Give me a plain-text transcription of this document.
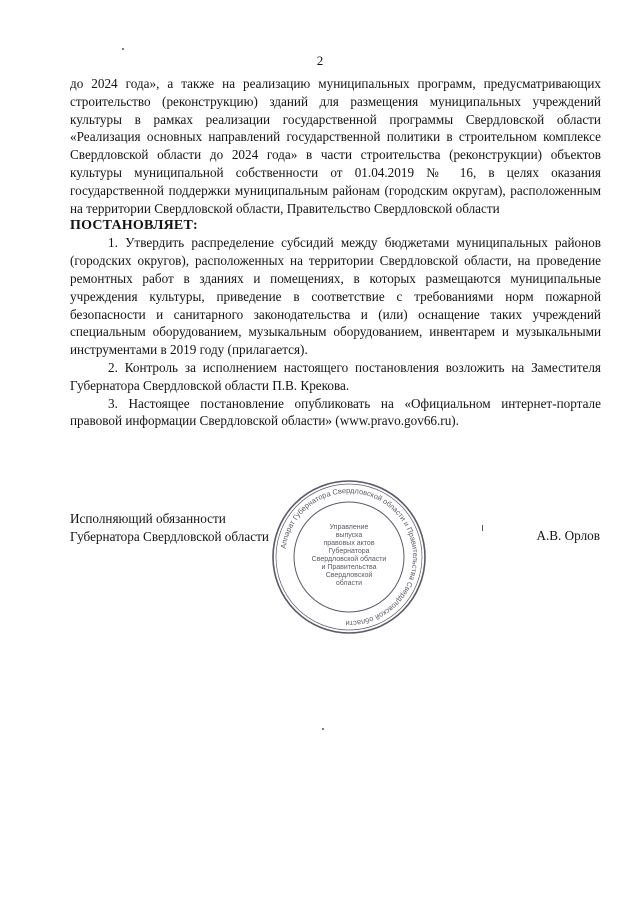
2

до 2024 года», а также на реализацию муниципальных программ, предусматривающих строительство (реконструкцию) зданий для размещения муниципальных учреждений культуры в рамках реализации государственной программы Свердловской области «Реализация основных направлений государственной политики в строительном комплексе Свердловской области до 2024 года» в части строительства (реконструкции) объектов культуры муниципальной собственности от 01.04.2019 № 16, в целях оказания государственной поддержки муниципальным районам (городским округам), расположенным на территории Свердловской области, Правительство Свердловской области

ПОСТАНОВЛЯЕТ:

1. Утвердить распределение субсидий между бюджетами муниципальных районов (городских округов), расположенных на территории Свердловской области, на проведение ремонтных работ в зданиях и помещениях, в которых размещаются муниципальные учреждения культуры, приведение в соответствие с требованиями норм пожарной безопасности и санитарного законодательства и (или) оснащение таких учреждений специальным оборудованием, музыкальным оборудованием, инвентарем и музыкальными инструментами в 2019 году (прилагается).

2. Контроль за исполнением настоящего постановления возложить на Заместителя Губернатора Свердловской области П.В. Крекова.

3. Настоящее постановление опубликовать на «Официальном интернет-портале правовой информации Свердловской области» (www.pravo.gov66.ru).

Исполняющий обязанности
Губернатора Свердловской области	А.В. Орлов
Аппарат Губернатора Свердловской области и Правительства Свердловской области
Управление
выпуска
правовых актов
Губернатора
Свердловской области
и Правительства
Свердловской
области
